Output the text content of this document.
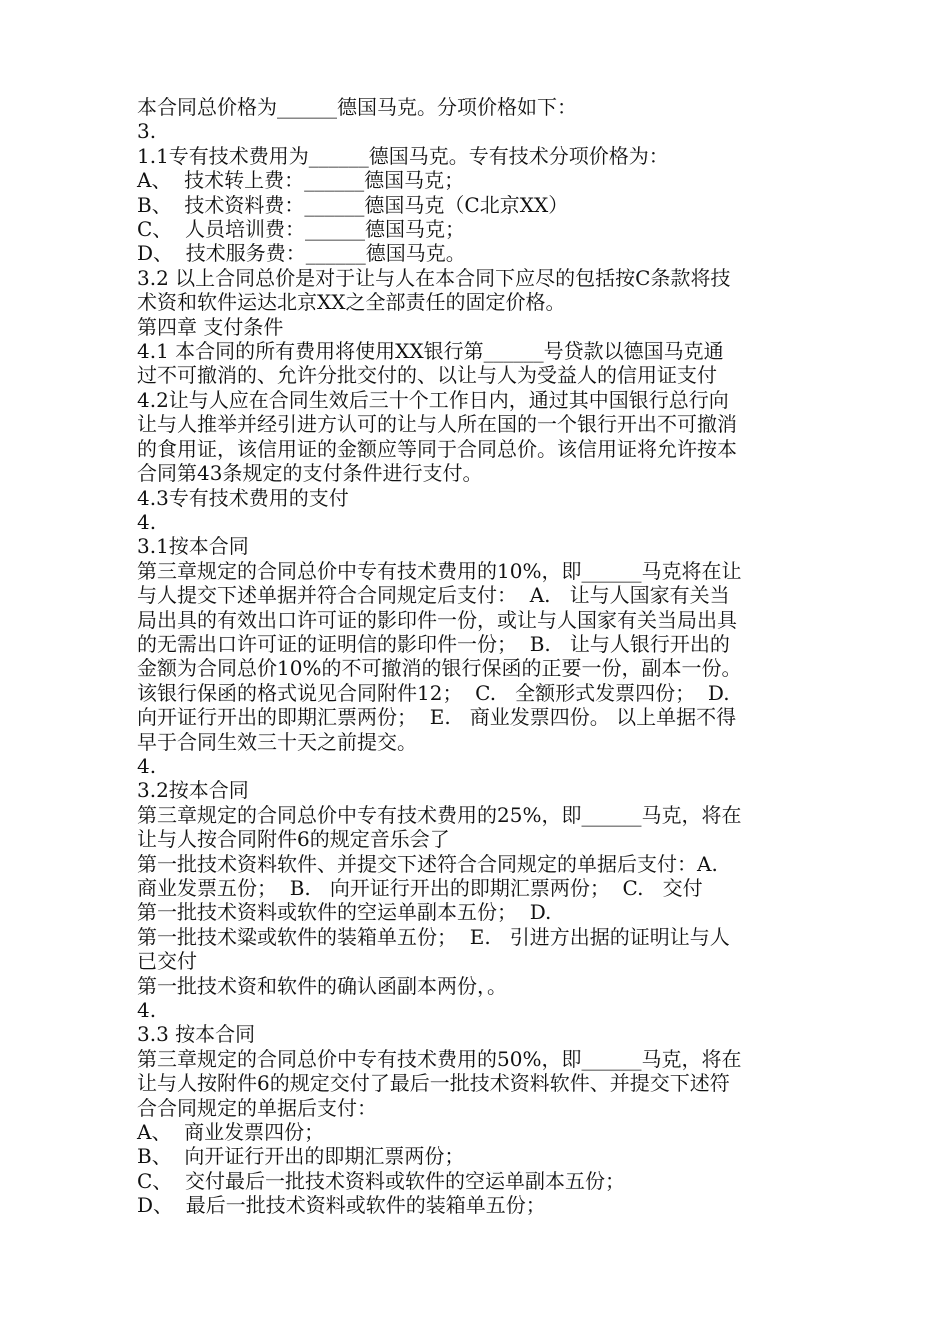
本合同总价格为______德国马克。分项价格如下：
3.
1.1专有技术费用为______德国马克。专有技术分项价格为：
A、  技术转上费：______德国马克；
B、  技术资料费：______德国马克（C北京XX）
C、  人员培训费：______德国马克；
D、  技术服务费：______德国马克。
3.2 以上合同总价是对于让与人在本合同下应尽的包括按C条款将技
术资和软件运达北京XX之全部责任的固定价格。
第四章 支付条件
4.1 本合同的所有费用将使用XX银行第______号贷款以德国马克通
过不可撤消的、允许分批交付的、以让与人为受益人的信用证支付
4.2让与人应在合同生效后三十个工作日内，通过其中国银行总行向
让与人推举并经引进方认可的让与人所在国的一个银行开出不可撤消
的食用证，该信用证的金额应等同于合同总价。该信用证将允许按本
合同第43条规定的支付条件进行支付。
4.3专有技术费用的支付
4.
3.1按本合同
第三章规定的合同总价中专有技术费用的10%，即______马克将在让
与人提交下述单据并符合合同规定后支付：  A.   让与人国家有关当
局出具的有效出口许可证的影印件一份，或让与人国家有关当局出具
的无需出口许可证的证明信的影印件一份；  B.   让与人银行开出的
金额为合同总价10%的不可撤消的银行保函的正要一份，副本一份。
该银行保函的格式说见合同附件12；  C.   全额形式发票四份；  D.
向开证行开出的即期汇票两份；  E.   商业发票四份。 以上单据不得
早于合同生效三十天之前提交。
4.
3.2按本合同
第三章规定的合同总价中专有技术费用的25%，即______马克，将在
让与人按合同附件6的规定音乐会了
第一批技术资料软件、并提交下述符合合同规定的单据后支付：A.
商业发票五份；  B.   向开证行开出的即期汇票两份；  C.   交付
第一批技术资料或软件的空运单副本五份；  D.
第一批技术粱或软件的装箱单五份；  E.   引进方出据的证明让与人
已交付
第一批技术资和软件的确认函副本两份，。
4.
3.3 按本合同
第三章规定的合同总价中专有技术费用的50%，即______马克，将在
让与人按附件6的规定交付了最后一批技术资料软件、并提交下述符
合合同规定的单据后支付：
A、  商业发票四份；
B、  向开证行开出的即期汇票两份；
C、  交付最后一批技术资料或软件的空运单副本五份；
D、  最后一批技术资料或软件的装箱单五份；
